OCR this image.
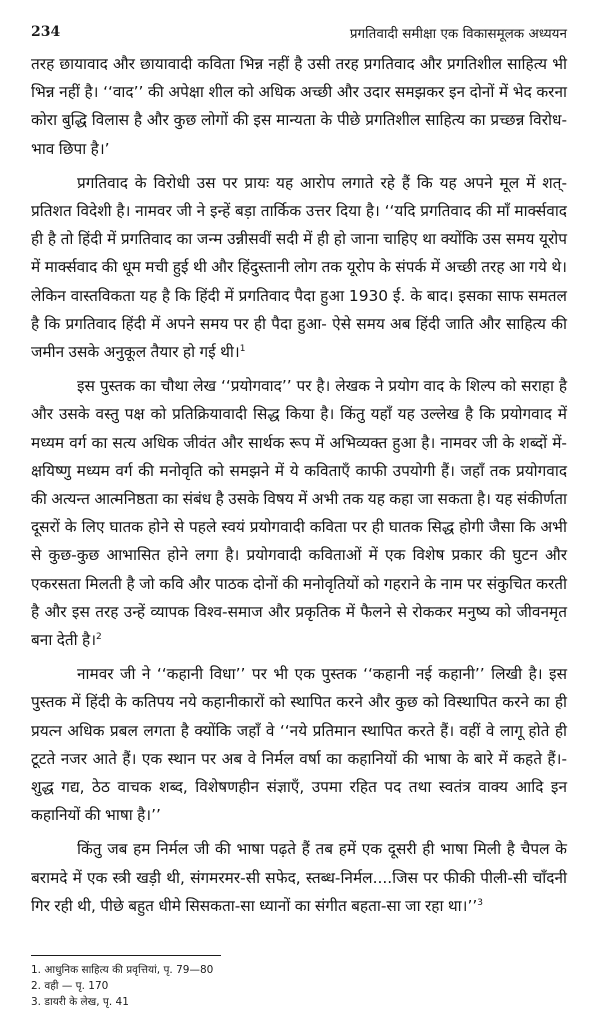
234	प्रगतिवादी समीक्षा एक विकासमूलक अध्ययन

तरह छायावाद और छायावादी कविता भिन्न नहीं है उसी तरह प्रगतिवाद और प्रगतिशील साहित्य भी भिन्न नहीं है। ‘‘वाद’’ की अपेक्षा शील को अधिक अच्छी और उदार समझकर इन दोनों में भेद करना कोरा बुद्धि विलास है और कुछ लोगों की इस मान्यता के पीछे प्रगतिशील साहित्य का प्रच्छन्न विरोध-भाव छिपा है।’

प्रगतिवाद के विरोधी उस पर प्रायः यह आरोप लगाते रहे हैं कि यह अपने मूल में शत्-प्रतिशत विदेशी है। नामवर जी ने इन्हें बड़ा तार्किक उत्तर दिया है। ‘‘यदि प्रगतिवाद की माँ मार्क्सवाद ही है तो हिंदी में प्रगतिवाद का जन्म उन्नीसवीं सदी में ही हो जाना चाहिए था क्योंकि उस समय यूरोप में मार्क्सवाद की धूम मची हुई थी और हिंदुस्तानी लोग तक यूरोप के संपर्क में अच्छी तरह आ गये थे। लेकिन वास्तविकता यह है कि हिंदी में प्रगतिवाद पैदा हुआ 1930 ई. के बाद। इसका साफ समतल है कि प्रगतिवाद हिंदी में अपने समय पर ही पैदा हुआ- ऐसे समय अब हिंदी जाति और साहित्य की जमीन उसके अनुकूल तैयार हो गई थी।$^1$

इस पुस्तक का चौथा लेख ‘‘प्रयोगवाद’’ पर है। लेखक ने प्रयोग वाद के शिल्प को सराहा है और उसके वस्तु पक्ष को प्रतिक्रियावादी सिद्ध किया है। किंतु यहाँ यह उल्लेख है कि प्रयोगवाद में मध्यम वर्ग का सत्य अधिक जीवंत और सार्थक रूप में अभिव्यक्त हुआ है। नामवर जी के शब्दों में- क्षयिष्णु मध्यम वर्ग की मनोवृति को समझने में ये कविताएँ काफी उपयोगी हैं। जहाँ तक प्रयोगवाद की अत्यन्त आत्मनिष्ठता का संबंध है उसके विषय में अभी तक यह कहा जा सकता है। यह संकीर्णता दूसरों के लिए घातक होने से पहले स्वयं प्रयोगवादी कविता पर ही घातक सिद्ध होगी जैसा कि अभी से कुछ-कुछ आभासित होने लगा है। प्रयोगवादी कविताओं में एक विशेष प्रकार की घुटन और एकरसता मिलती है जो कवि और पाठक दोनों की मनोवृतियों को गहराने के नाम पर संकुचित करती है और इस तरह उन्हें व्यापक विश्व-समाज और प्रकृतिक में फैलने से रोककर मनुष्य को जीवनमृत बना देती है।$^2$

नामवर जी ने ‘‘कहानी विधा’’ पर भी एक पुस्तक ‘‘कहानी नई कहानी’’ लिखी है। इस पुस्तक में हिंदी के कतिपय नये कहानीकारों को स्थापित करने और कुछ को विस्थापित करने का ही प्रयत्न अधिक प्रबल लगता है क्योंकि जहाँ वे ‘‘नये प्रतिमान स्थापित करते हैं। वहीं वे लागू होते ही टूटते नजर आते हैं। एक स्थान पर अब वे निर्मल वर्षा का कहानियों की भाषा के बारे में कहते हैं।- शुद्ध गद्य, ठेठ वाचक शब्द, विशेषणहीन संज्ञाएँ, उपमा रहित पद तथा स्वतंत्र वाक्य आदि इन कहानियों की भाषा है।’’

किंतु जब हम निर्मल जी की भाषा पढ़ते हैं तब हमें एक दूसरी ही भाषा मिली है चैपल के बरामदे में एक स्त्री खड़ी थी, संगमरमर-सी सफेद, स्तब्ध-निर्मल....जिस पर फीकी पीली-सी चाँदनी गिर रही थी, पीछे बहुत धीमे सिसकता-सा ध्यानों का संगीत बहता-सा जा रहा था।’’$^3$

1. आधुनिक साहित्य की प्रवृत्तियां, पृ. 79—80

2. वही — पृ. 170

3. डायरी के लेख, पृ. 41
